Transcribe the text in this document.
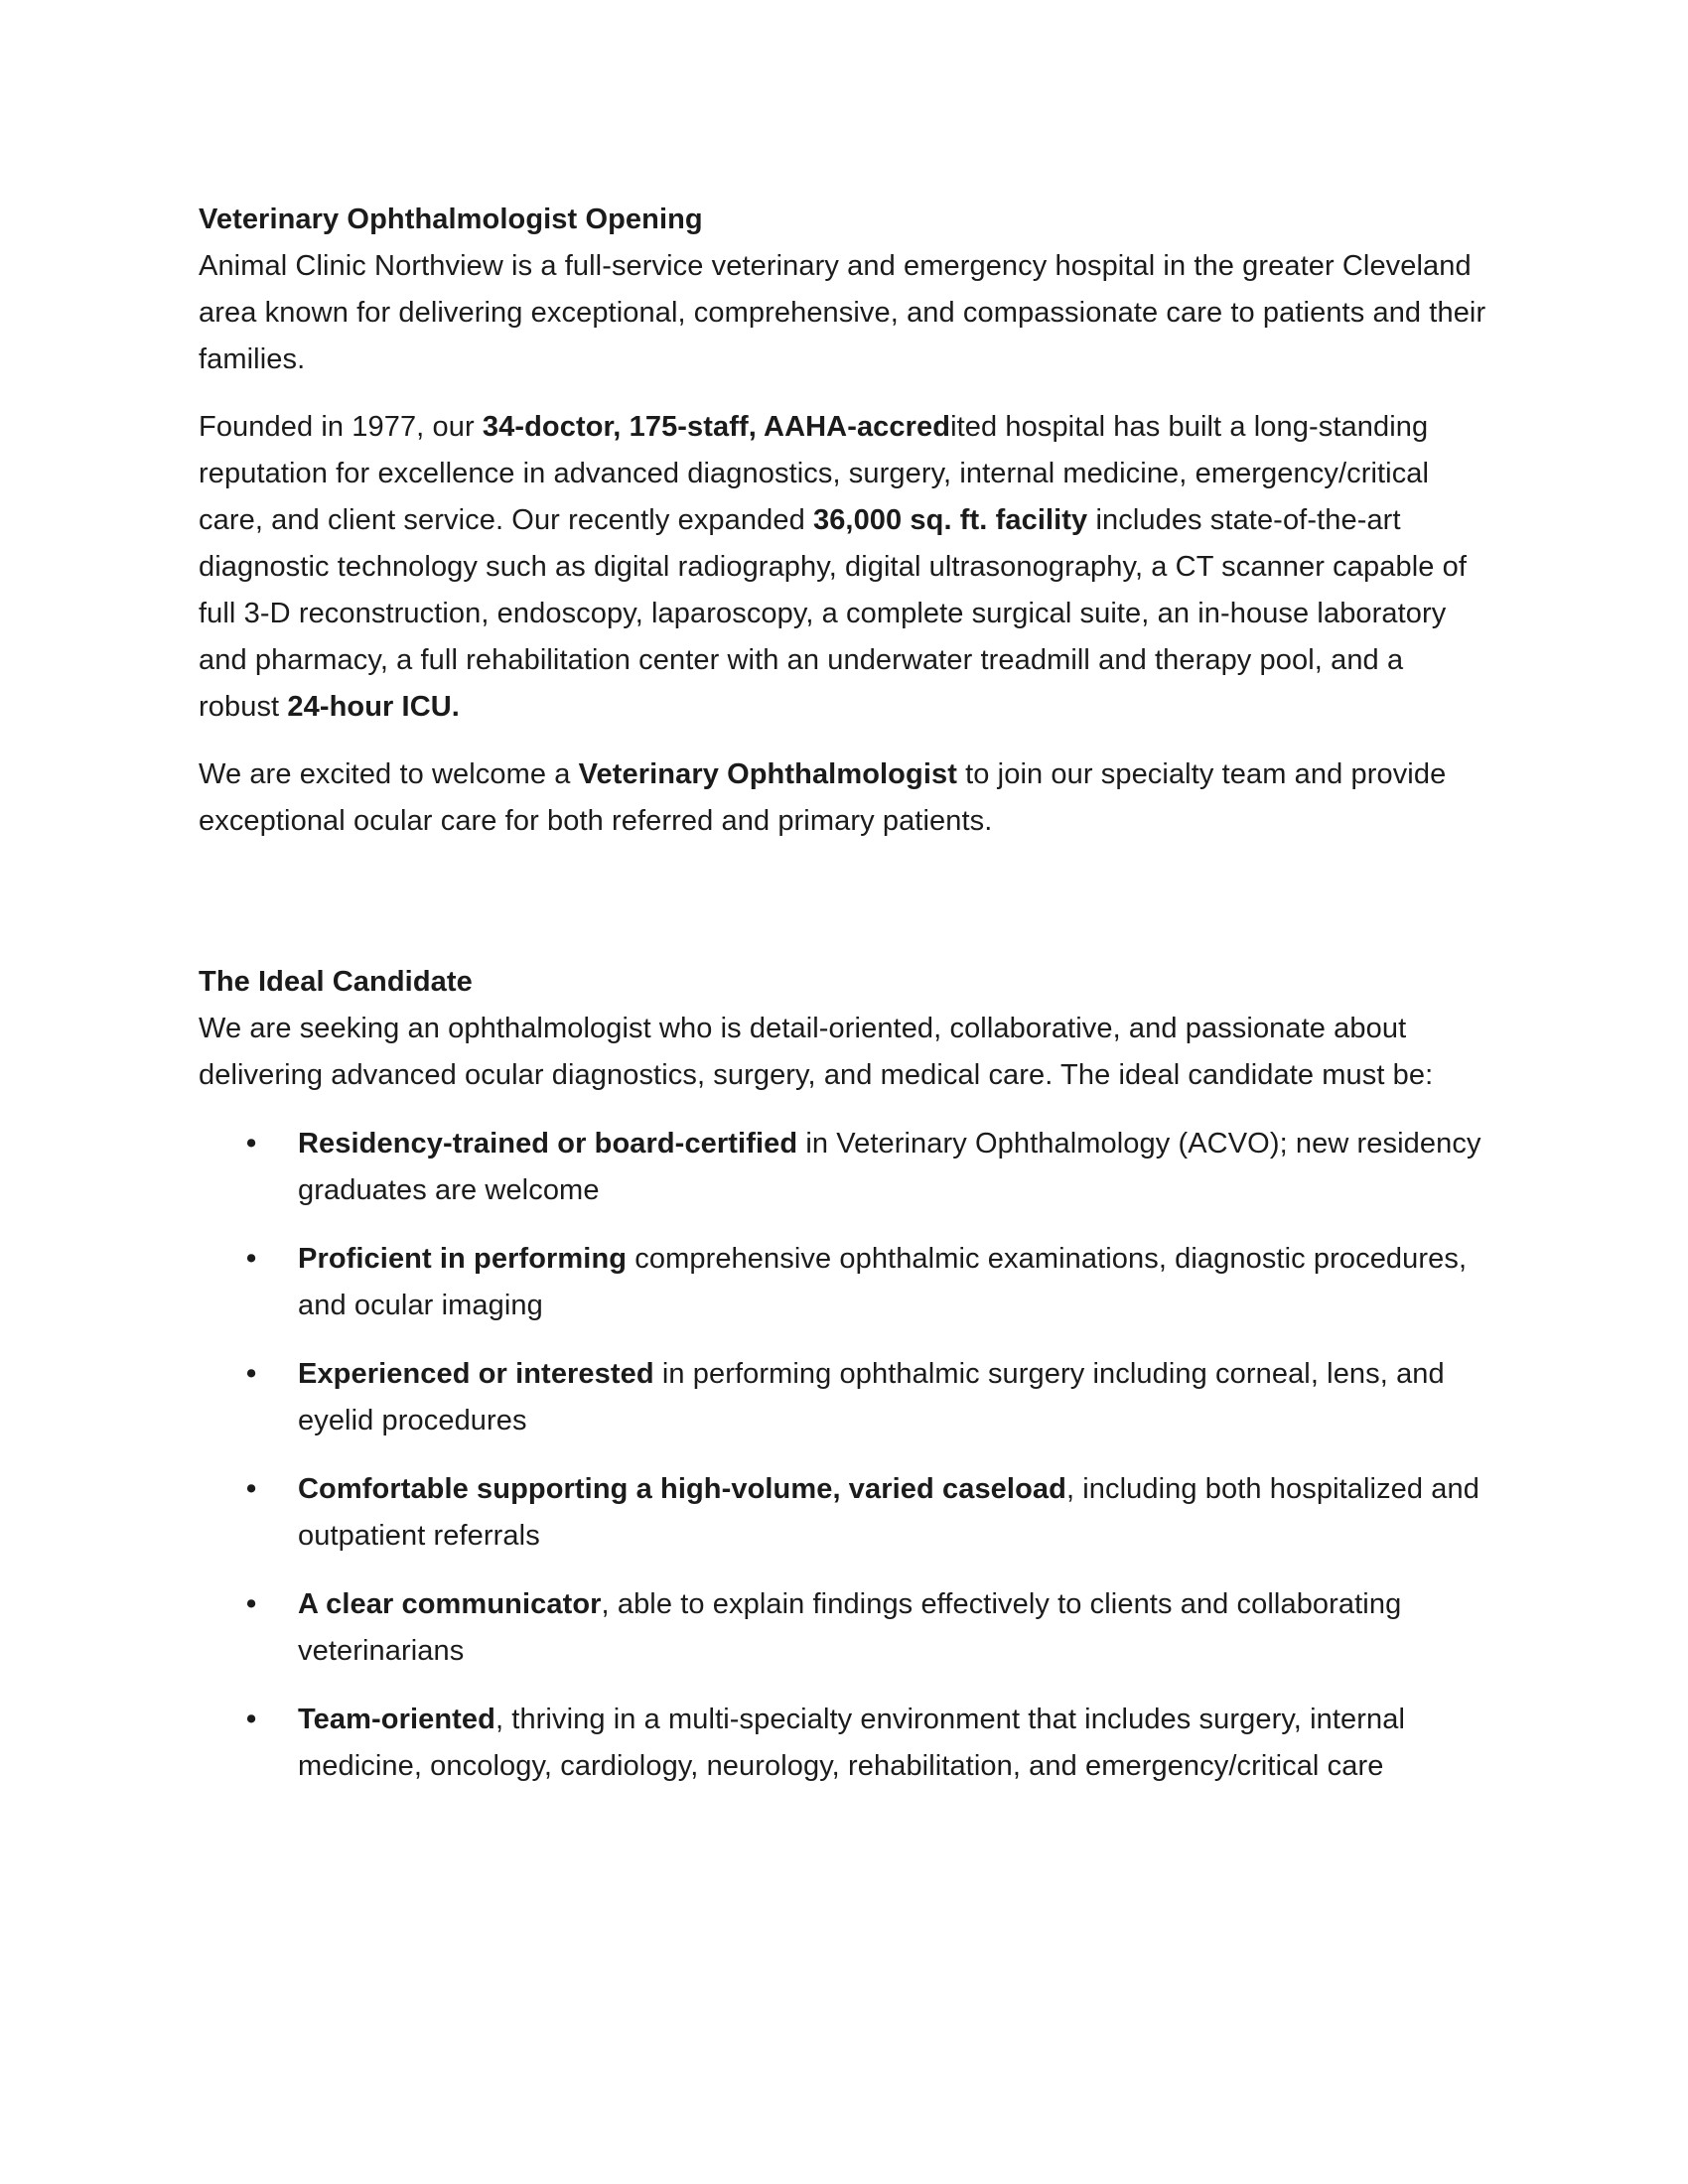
Veterinary Ophthalmologist Opening

Animal Clinic Northview is a full-service veterinary and emergency hospital in the greater Cleveland area known for delivering exceptional, comprehensive, and compassionate care to patients and their families.

Founded in 1977, our 34-doctor, 175-staff, AAHA-accredited hospital has built a long-standing reputation for excellence in advanced diagnostics, surgery, internal medicine, emergency/critical care, and client service. Our recently expanded 36,000 sq. ft. facility includes state-of-the-art diagnostic technology such as digital radiography, digital ultrasonography, a CT scanner capable of full 3-D reconstruction, endoscopy, laparoscopy, a complete surgical suite, an in-house laboratory and pharmacy, a full rehabilitation center with an underwater treadmill and therapy pool, and a robust 24-hour ICU.

We are excited to welcome a Veterinary Ophthalmologist to join our specialty team and provide exceptional ocular care for both referred and primary patients.

The Ideal Candidate

We are seeking an ophthalmologist who is detail-oriented, collaborative, and passionate about delivering advanced ocular diagnostics, surgery, and medical care. The ideal candidate must be:

• Residency-trained or board-certified in Veterinary Ophthalmology (ACVO); new residency graduates are welcome
• Proficient in performing comprehensive ophthalmic examinations, diagnostic procedures, and ocular imaging
• Experienced or interested in performing ophthalmic surgery including corneal, lens, and eyelid procedures
• Comfortable supporting a high-volume, varied caseload, including both hospitalized and outpatient referrals
• A clear communicator, able to explain findings effectively to clients and collaborating veterinarians
• Team-oriented, thriving in a multi-specialty environment that includes surgery, internal medicine, oncology, cardiology, neurology, rehabilitation, and emergency/critical care
